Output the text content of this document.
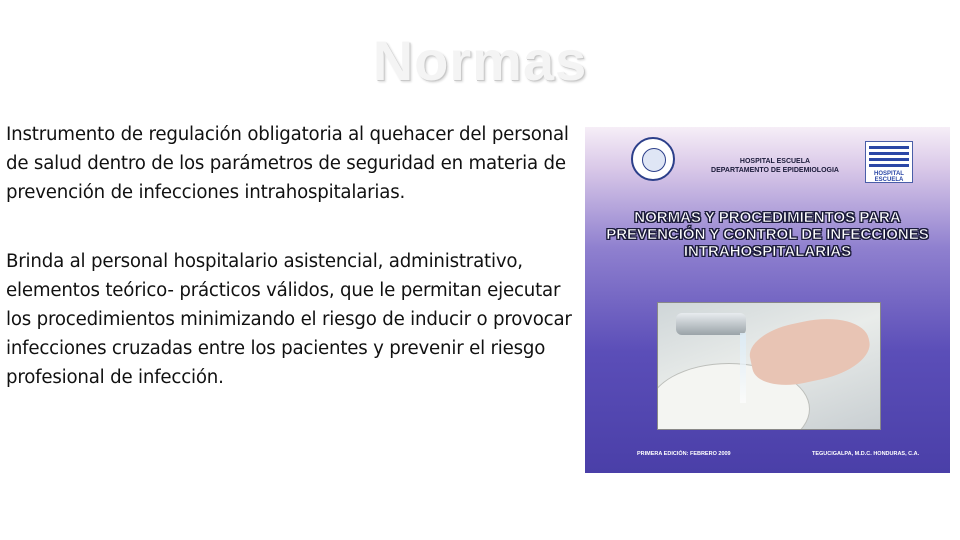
Normas
Instrumento de regulación obligatoria al quehacer del personal de salud dentro de los parámetros de seguridad en materia de prevención de infecciones intrahospitalarias.
Brinda al personal hospitalario asistencial, administrativo, elementos teórico- prácticos válidos, que le permitan ejecutar los procedimientos minimizando el riesgo de inducir o provocar infecciones cruzadas entre los pacientes y prevenir el riesgo profesional de infección.
HOSPITAL ESCUELA
DEPARTAMENTO DE EPIDEMIOLOGIA	HOSPITAL ESCUELA
NORMAS Y PROCEDIMIENTOS PARA PREVENCIÓN Y CONTROL DE INFECCIONES INTRAHOSPITALARIAS
PRIMERA EDICIÓN: FEBRERO 2009	TEGUCIGALPA, M.D.C. HONDURAS, C.A.
